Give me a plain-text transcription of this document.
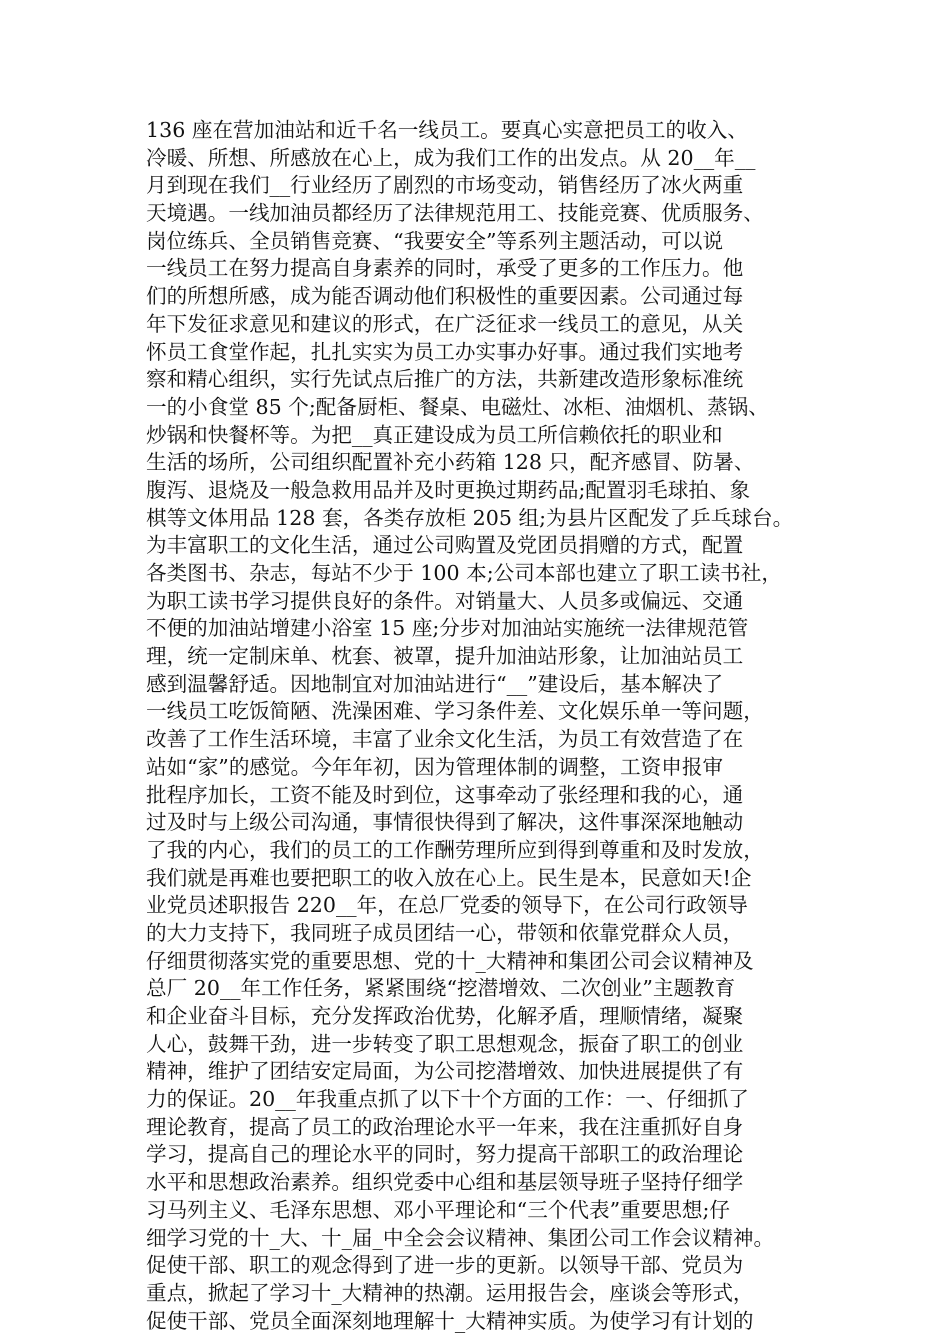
136 座在营加油站和近千名一线员工。要真心实意把员工的收入、
冷暖、所想、所感放在心上，成为我们工作的出发点。从 20__年__
月到现在我们__行业经历了剧烈的市场变动，销售经历了冰火两重
天境遇。一线加油员都经历了法律规范用工、技能竞赛、优质服务、
岗位练兵、全员销售竞赛、“我要安全”等系列主题活动，可以说
一线员工在努力提高自身素养的同时，承受了更多的工作压力。他
们的所想所感，成为能否调动他们积极性的重要因素。公司通过每
年下发征求意见和建议的形式，在广泛征求一线员工的意见，从关
怀员工食堂作起，扎扎实实为员工办实事办好事。通过我们实地考
察和精心组织，实行先试点后推广的方法，共新建改造形象标准统
一的小食堂 85 个;配备厨柜、餐桌、电磁灶、冰柜、油烟机、蒸锅、
炒锅和快餐杯等。为把__真正建设成为员工所信赖依托的职业和
生活的场所，公司组织配置补充小药箱 128 只，配齐感冒、防暑、
腹泻、退烧及一般急救用品并及时更换过期药品;配置羽毛球拍、象
棋等文体用品 128 套，各类存放柜 205 组;为县片区配发了乒乓球台。
为丰富职工的文化生活，通过公司购置及党团员捐赠的方式，配置
各类图书、杂志，每站不少于 100 本;公司本部也建立了职工读书社，
为职工读书学习提供良好的条件。对销量大、人员多或偏远、交通
不便的加油站增建小浴室 15 座;分步对加油站实施统一法律规范管
理，统一定制床单、枕套、被罩，提升加油站形象，让加油站员工
感到温馨舒适。因地制宜对加油站进行“__”建设后，基本解决了
一线员工吃饭简陋、洗澡困难、学习条件差、文化娱乐单一等问题，
改善了工作生活环境，丰富了业余文化生活，为员工有效营造了在
站如“家”的感觉。今年年初，因为管理体制的调整，工资申报审
批程序加长，工资不能及时到位，这事牵动了张经理和我的心，通
过及时与上级公司沟通，事情很快得到了解决，这件事深深地触动
了我的内心，我们的员工的工作酬劳理所应到得到尊重和及时发放，
我们就是再难也要把职工的收入放在心上。民生是本，民意如天!企
业党员述职报告 220__年，在总厂党委的领导下，在公司行政领导
的大力支持下，我同班子成员团结一心，带领和依靠党群众人员，
仔细贯彻落实党的重要思想、党的十_大精神和集团公司会议精神及
总厂 20__年工作任务，紧紧围绕“挖潜增效、二次创业”主题教育
和企业奋斗目标，充分发挥政治优势，化解矛盾，理顺情绪，凝聚
人心，鼓舞干劲，进一步转变了职工思想观念，振奋了职工的创业
精神，维护了团结安定局面，为公司挖潜增效、加快进展提供了有
力的保证。20__年我重点抓了以下十个方面的工作：一、仔细抓了
理论教育，提高了员工的政治理论水平一年来，我在注重抓好自身
学习，提高自己的理论水平的同时，努力提高干部职工的政治理论
水平和思想政治素养。组织党委中心组和基层领导班子坚持仔细学
习马列主义、毛泽东思想、邓小平理论和“三个代表”重要思想;仔
细学习党的十_大、十_届_中全会会议精神、集团公司工作会议精神。
促使干部、职工的观念得到了进一步的更新。以领导干部、党员为
重点，掀起了学习十_大精神的热潮。运用报告会，座谈会等形式，
促使干部、党员全面深刻地理解十_大精神实质。为使学习有计划的
